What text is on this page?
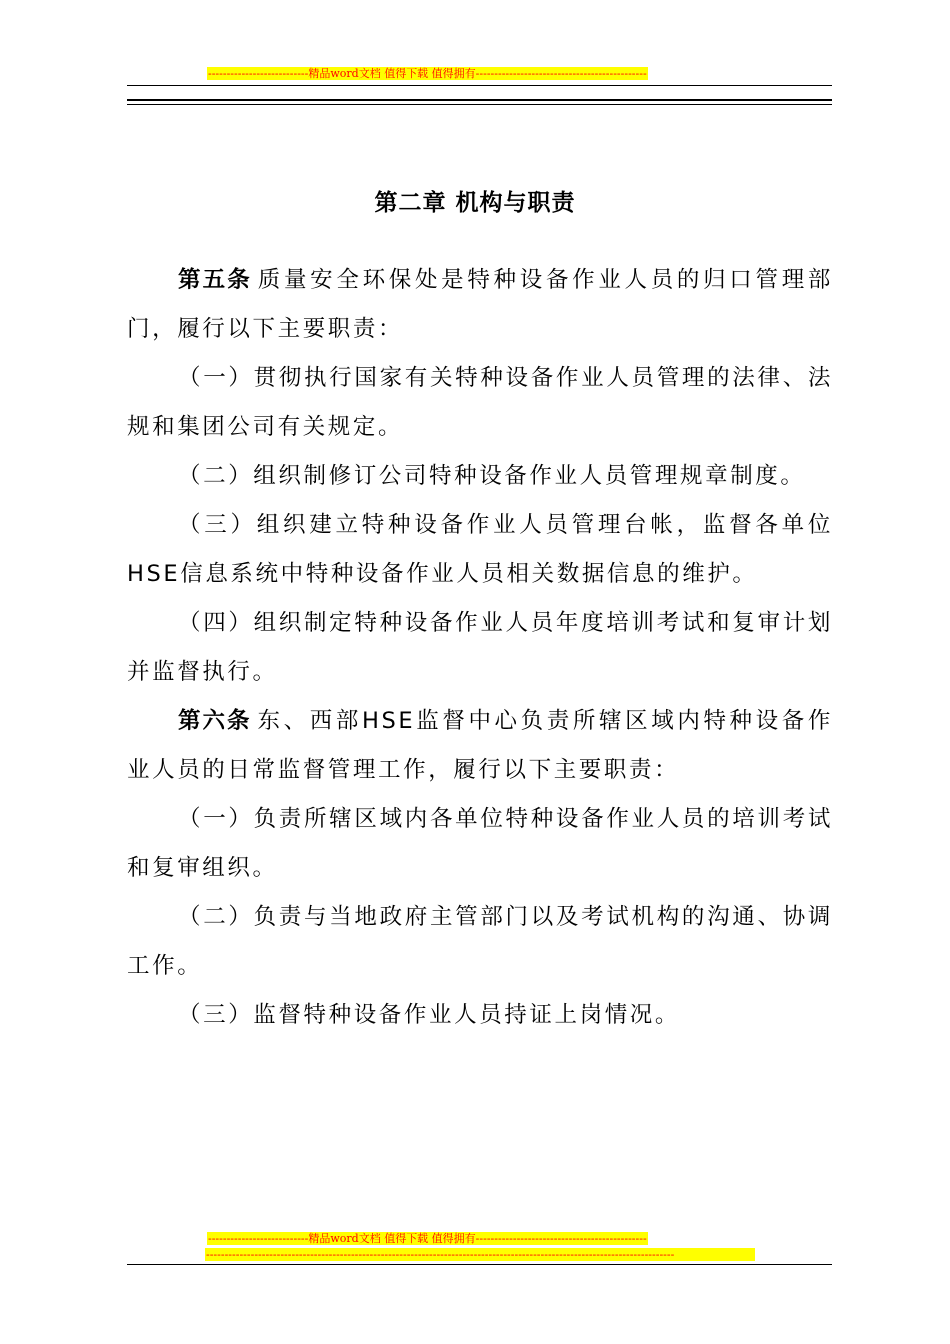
---------------------------精品word文档 值得下载 值得拥有----------------------------------------------
第二章 机构与职责

第五条 质量安全环保处是特种设备作业人员的归口管理部门，履行以下主要职责：

（一）贯彻执行国家有关特种设备作业人员管理的法律、法规和集团公司有关规定。

（二）组织制修订公司特种设备作业人员管理规章制度。

（三）组织建立特种设备作业人员管理台帐，监督各单位HSE信息系统中特种设备作业人员相关数据信息的维护。

（四）组织制定特种设备作业人员年度培训考试和复审计划并监督执行。

第六条 东、西部HSE监督中心负责所辖区域内特种设备作业人员的日常监督管理工作，履行以下主要职责：

（一）负责所辖区域内各单位特种设备作业人员的培训考试和复审组织。

（二）负责与当地政府主管部门以及考试机构的沟通、协调工作。

（三）监督特种设备作业人员持证上岗情况。

---------------------------精品word文档 值得下载 值得拥有----------------------------------------------
------------------------------------------------------------------------------------------------------------------------------
